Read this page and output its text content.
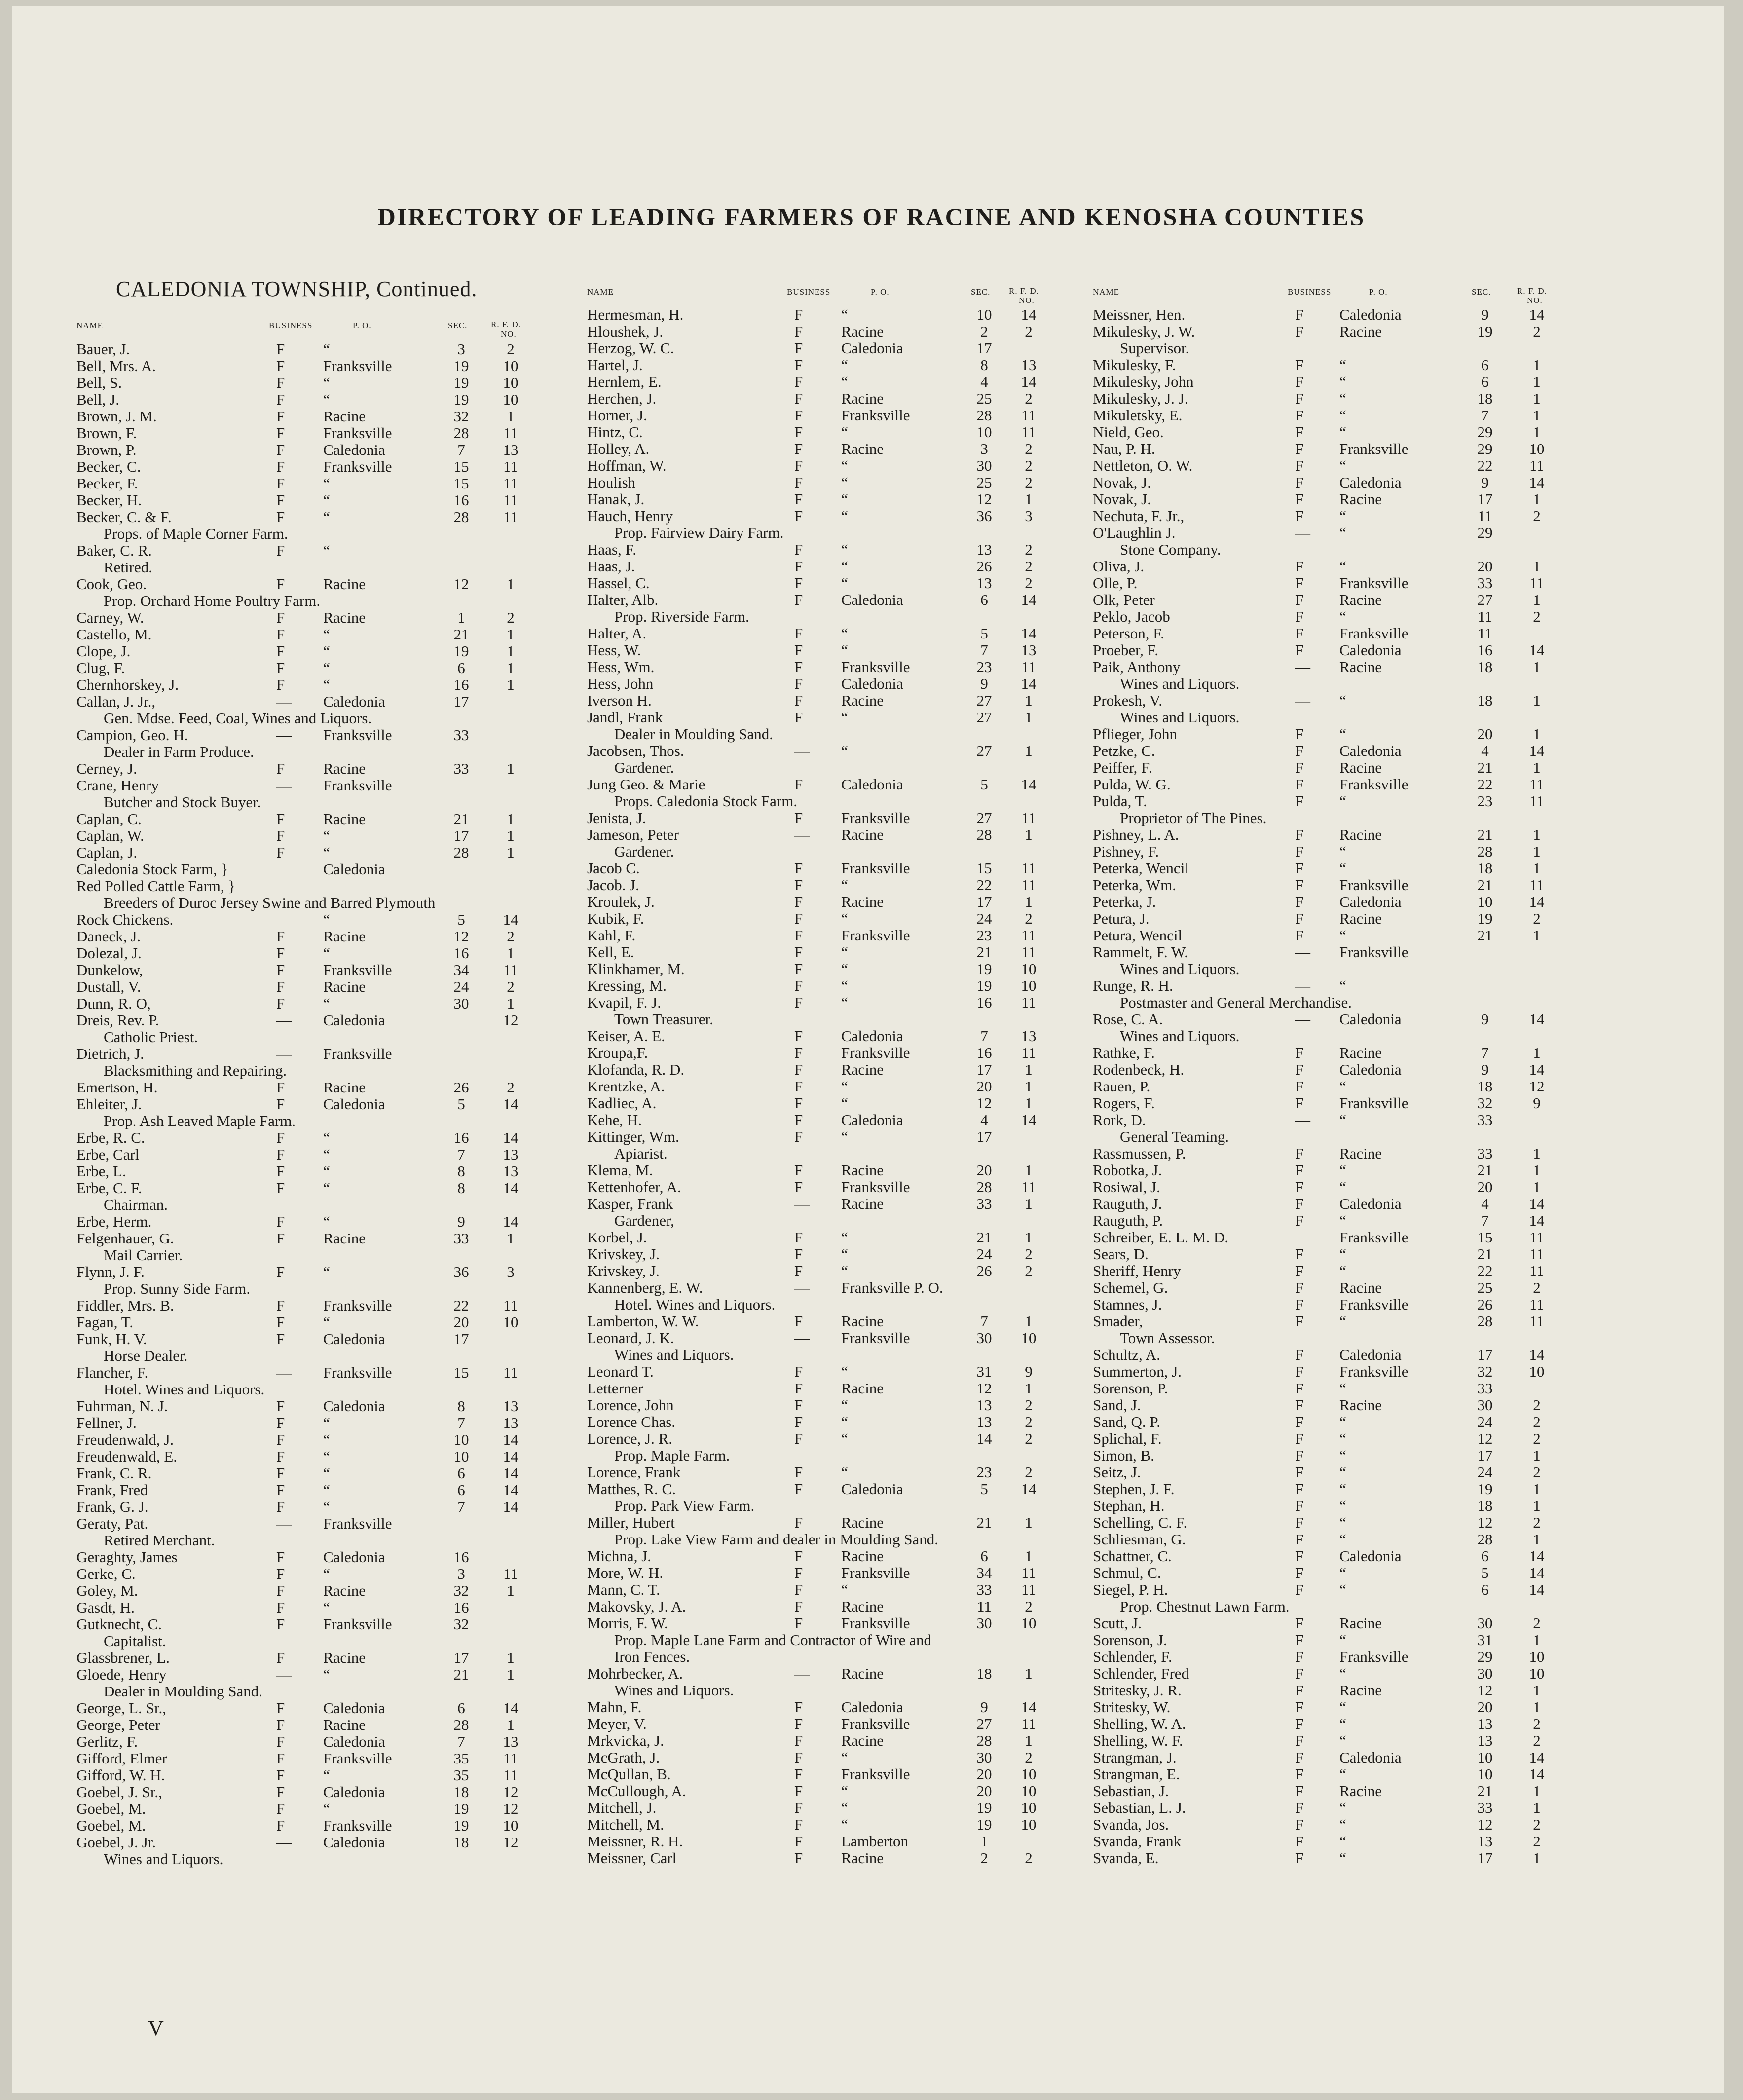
DIRECTORY OF LEADING FARMERS OF RACINE AND KENOSHA COUNTIES
CALEDONIA TOWNSHIP, Continued.
NAME	BUSINESS	P. O.	SEC.	R. F. D.
NO.
Bauer, J.	F	“	3	2
Bell, Mrs. A.	F	Franksville	19	10
Bell, S.	F	“	19	10
Bell, J.	F	“	19	10
Brown, J. M.	F	Racine	32	1
Brown, F.	F	Franksville	28	11
Brown, P.	F	Caledonia	7	13
Becker, C.	F	Franksville	15	11
Becker, F.	F	“	15	11
Becker, H.	F	“	16	11
Becker, C. & F.	F	“	28	11
Props. of Maple Corner Farm.
Baker, C. R.	F	“
Retired.
Cook, Geo.	F	Racine	12	1
Prop. Orchard Home Poultry Farm.
Carney, W.	F	Racine	1	2
Castello, M.	F	“	21	1
Clope, J.	F	“	19	1
Clug, F.	F	“	6	1
Chernhorskey, J.	F	“	16	1
Callan, J. Jr.,	— Caledonia	17
Gen. Mdse. Feed, Coal, Wines and Liquors.
Campion, Geo. H.	— Franksville	33
Dealer in Farm Produce.
Cerney, J.	F	Racine	33	1
Crane, Henry	— Franksville
Butcher and Stock Buyer.
Caplan, C.	F	Racine	21	1
Caplan, W.	F	“	17	1
Caplan, J.	F	“	28	1
Caledonia Stock Farm, }	Caledonia
Red Polled Cattle Farm, }
Breeders of Duroc Jersey Swine and Barred Plymouth
Rock Chickens.	“	5	14
Daneck, J.	F	Racine	12	2
Dolezal, J.	F	“	16	1
Dunkelow,	F	Franksville	34	11
Dustall, V.	F	Racine	24	2
Dunn, R. O,	F	“	30	1
Dreis, Rev. P.	— Caledonia	12
Catholic Priest.
Dietrich, J.	— Franksville
Blacksmithing and Repairing.
Emertson, H.	F	Racine	26	2
Ehleiter, J.	F	Caledonia	5	14
Prop. Ash Leaved Maple Farm.
Erbe, R. C.	F	“	16	14
Erbe, Carl	F	“	7	13
Erbe, L.	F	“	8	13
Erbe, C. F.	F	“	8	14
Chairman.
Erbe, Herm.	F	“	9	14
Felgenhauer, G.	F	Racine	33	1
Mail Carrier.
Flynn, J. F.	F	“	36	3
Prop. Sunny Side Farm.
Fiddler, Mrs. B.	F	Franksville	22	11
Fagan, T.	F	“	20	10
Funk, H. V.	F	Caledonia	17
Horse Dealer.
Flancher, F.	— Franksville	15	11
Hotel. Wines and Liquors.
Fuhrman, N. J.	F	Caledonia	8	13
Fellner, J.	F	“	7	13
Freudenwald, J.	F	“	10	14
Freudenwald, E.	F	“	10	14
Frank, C. R.	F	“	6	14
Frank, Fred	F	“	6	14
Frank, G. J.	F	“	7	14
Geraty, Pat.	— Franksville
Retired Merchant.
Geraghty, James	F	Caledonia	16
Gerke, C.	F	“	3	11
Goley, M.	F	Racine	32	1
Gasdt, H.	F	“	16
Gutknecht, C.	F	Franksville	32
Capitalist.
Glassbrener, L.	F	Racine	17	1
Gloede, Henry	— “	21	1
Dealer in Moulding Sand.
George, L. Sr.,	F	Caledonia	6	14
George, Peter	F	Racine	28	1
Gerlitz, F.	F	Caledonia	7	13
Gifford, Elmer	F	Franksville	35	11
Gifford, W. H.	F	“	35	11
Goebel, J. Sr.,	F	Caledonia	18	12
Goebel, M.	F	“	19	12
Goebel, M.	F	Franksville	19	10
Goebel, J. Jr.	— Caledonia	18	12
Wines and Liquors.
NAME	BUSINESS	P. O.	SEC. R. F. D.
NO.
Hermesman, H.	F	“	10	14
Hloushek, J.	F	Racine	2	2
Herzog, W. C.	F	Caledonia	17
Hartel, J.	F	“	8	13
Hernlem, E.	F	“	4	14
Herchen, J.	F	Racine	25	2
Horner, J.	F	Franksville	28	11
Hintz, C.	F	“	10	11
Holley, A.	F	Racine	3	2
Hoffman, W.	F	“	30	2
Houlish	F	“	25	2
Hanak, J.	F	“	12	1
Hauch, Henry	F	“	36	3
Prop. Fairview Dairy Farm.
Haas, F.	F	“	13	2
Haas, J.	F	“	26	2
Hassel, C.	F	“	13	2
Halter, Alb.	F	Caledonia	6	14
Prop. Riverside Farm.
Halter, A.	F	“	5	14
Hess, W.	F	“	7	13
Hess, Wm.	F	Franksville	23	11
Hess, John	F	Caledonia	9	14
Iverson H.	F	Racine	27	1
Jandl, Frank	F	“	27	1
Dealer in Moulding Sand.
Jacobsen, Thos.	— “	27	1
Gardener.
Jung Geo. & Marie	F	Caledonia	5	14
Props. Caledonia Stock Farm.
Jenista, J.	F	Franksville	27	11
Jameson, Peter	— Racine	28	1
Gardener.
Jacob C.	F	Franksville	15	11
Jacob. J.	F	“	22	11
Kroulek, J.	F	Racine	17	1
Kubik, F.	F	“	24	2
Kahl, F.	F	Franksville	23	11
Kell, E.	F	“	21	11
Klinkhamer, M.	F	“	19	10
Kressing, M.	F	“	19	10
Kvapil, F. J.	F	“	16	11
Town Treasurer.
Keiser, A. E.	F	Caledonia	7	13
Kroupa,F.	F	Franksville	16	11
Klofanda, R. D.	F	Racine	17	1
Krentzke, A.	F	“	20	1
Kadliec, A.	F	“	12	1
Kehe, H.	F	Caledonia	4	14
Kittinger, Wm.	F	“	17
Apiarist.
Klema, M.	F	Racine	20	1
Kettenhofer, A.	F	Franksville	28	11
Kasper, Frank	— Racine	33	1
Gardener,
Korbel, J.	F	“	21	1
Krivskey, J.	F	“	24	2
Krivskey, J.	F	“	26	2
Kannenberg, E. W.	— Franksville P. O.
Hotel. Wines and Liquors.
Lamberton, W. W.	F	Racine	7	1
Leonard, J. K.	— Franksville	30	10
Wines and Liquors.
Leonard T.	F	“	31	9
Letterner	F	Racine	12	1
Lorence, John	F	“	13	2
Lorence Chas.	F	“	13	2
Lorence, J. R.	F	“	14	2
Prop. Maple Farm.
Lorence, Frank	F	“	23	2
Matthes, R. C.	F	Caledonia	5	14
Prop. Park View Farm.
Miller, Hubert	F	Racine	21	1
Prop. Lake View Farm and dealer in Moulding Sand.
Michna, J.	F	Racine	6	1
More, W. H.	F	Franksville	34	11
Mann, C. T.	F	“	33	11
Makovsky, J. A.	F	Racine	11	2
Morris, F. W.	F	Franksville	30	10
Prop. Maple Lane Farm and Contractor of Wire and
Iron Fences.
Mohrbecker, A.	— Racine	18	1
Wines and Liquors.
Mahn, F.	F	Caledonia	9	14
Meyer, V.	F	Franksville	27	11
Mrkvicka, J.	F	Racine	28	1
McGrath, J.	F	“	30	2
McQullan, B.	F	Franksville	20	10
McCullough, A.	F	“	20	10
Mitchell, J.	F	“	19	10
Mitchell, M.	F	“	19	10
Meissner, R. H.	F	Lamberton	1
Meissner, Carl	F	Racine	2	2
NAME	BUSINESS	P. O.	SEC.	R. F. D.
NO.
Meissner, Hen.	F Caledonia	9	14
Mikulesky, J. W.	F Racine	19	2
Supervisor.
Mikulesky, F.	F “	6	1
Mikulesky, John	F “	6	1
Mikulesky, J. J.	F “	18	1
Mikuletsky, E.	F “	7	1
Nield, Geo.	F “	29	1
Nau, P. H.	F Franksville	29	10
Nettleton, O. W.	F “	22	11
Novak, J.	F Caledonia	9	14
Novak, J.	F Racine	17	1
Nechuta, F. Jr.,	F “	11	2
O'Laughlin J.	— “	29
Stone Company.
Oliva, J.	F “	20	1
Olle, P.	F Franksville	33	11
Olk, Peter	F Racine	27	1
Peklo, Jacob	F “	11	2
Peterson, F.	F Franksville	11
Proeber, F.	F Caledonia	16	14
Paik, Anthony	— Racine	18	1
Wines and Liquors.
Prokesh, V.	— “	18	1
Wines and Liquors.
Pflieger, John	F “	20	1
Petzke, C.	F Caledonia	4	14
Peiffer, F.	F Racine	21	1
Pulda, W. G.	F Franksville	22	11
Pulda, T.	F “	23	11
Proprietor of The Pines.
Pishney, L. A.	F Racine	21	1
Pishney, F.	F “	28	1
Peterka, Wencil	F “	18	1
Peterka, Wm.	F Franksville	21	11
Peterka, J.	F Caledonia	10	14
Petura, J.	F Racine	19	2
Petura, Wencil	F “	21	1
Rammelt, F. W.	— Franksville
Wines and Liquors.
Runge, R. H.	— “
Postmaster and General Merchandise.
Rose, C. A.	— Caledonia	9	14
Wines and Liquors.
Rathke, F.	F Racine	7	1
Rodenbeck, H.	F Caledonia	9	14
Rauen, P.	F “	18	12
Rogers, F.	F Franksville	32	9
Rork, D.	— “	33
General Teaming.
Rassmussen, P.	F Racine	33	1
Robotka, J.	F “	21	1
Rosiwal, J.	F “	20	1
Rauguth, J.	F Caledonia	4	14
Rauguth, P.	F “	7	14
Schreiber, E. L. M. D.	Franksville	15	11
Sears, D.	F “	21	11
Sheriff, Henry	F “	22	11
Schemel, G.	F Racine	25	2
Stamnes, J.	F Franksville	26	11
Smader,	F “	28	11
Town Assessor.
Schultz, A.	F Caledonia	17	14
Summerton, J.	F Franksville	32	10
Sorenson, P.	F “	33
Sand, J.	F Racine	30	2
Sand, Q. P.	F “	24	2
Splichal, F.	F “	12	2
Simon, B.	F “	17	1
Seitz, J.	F “	24	2
Stephen, J. F.	F “	19	1
Stephan, H.	F “	18	1
Schelling, C. F.	F “	12	2
Schliesman, G.	F “	28	1
Schattner, C.	F Caledonia	6	14
Schmul, C.	F “	5	14
Siegel, P. H.	F “	6	14
Prop. Chestnut Lawn Farm.
Scutt, J.	F Racine	30	2
Sorenson, J.	F “	31	1
Schlender, F.	F Franksville	29	10
Schlender, Fred	F “	30	10
Stritesky, J. R.	F Racine	12	1
Stritesky, W.	F “	20	1
Shelling, W. A.	F “	13	2
Shelling, W. F.	F “	13	2
Strangman, J.	F Caledonia	10	14
Strangman, E.	F “	10	14
Sebastian, J.	F Racine	21	1
Sebastian, L. J.	F “	33	1
Svanda, Jos.	F “	12	2
Svanda, Frank	F “	13	2
Svanda, E.	F “	17	1
V
